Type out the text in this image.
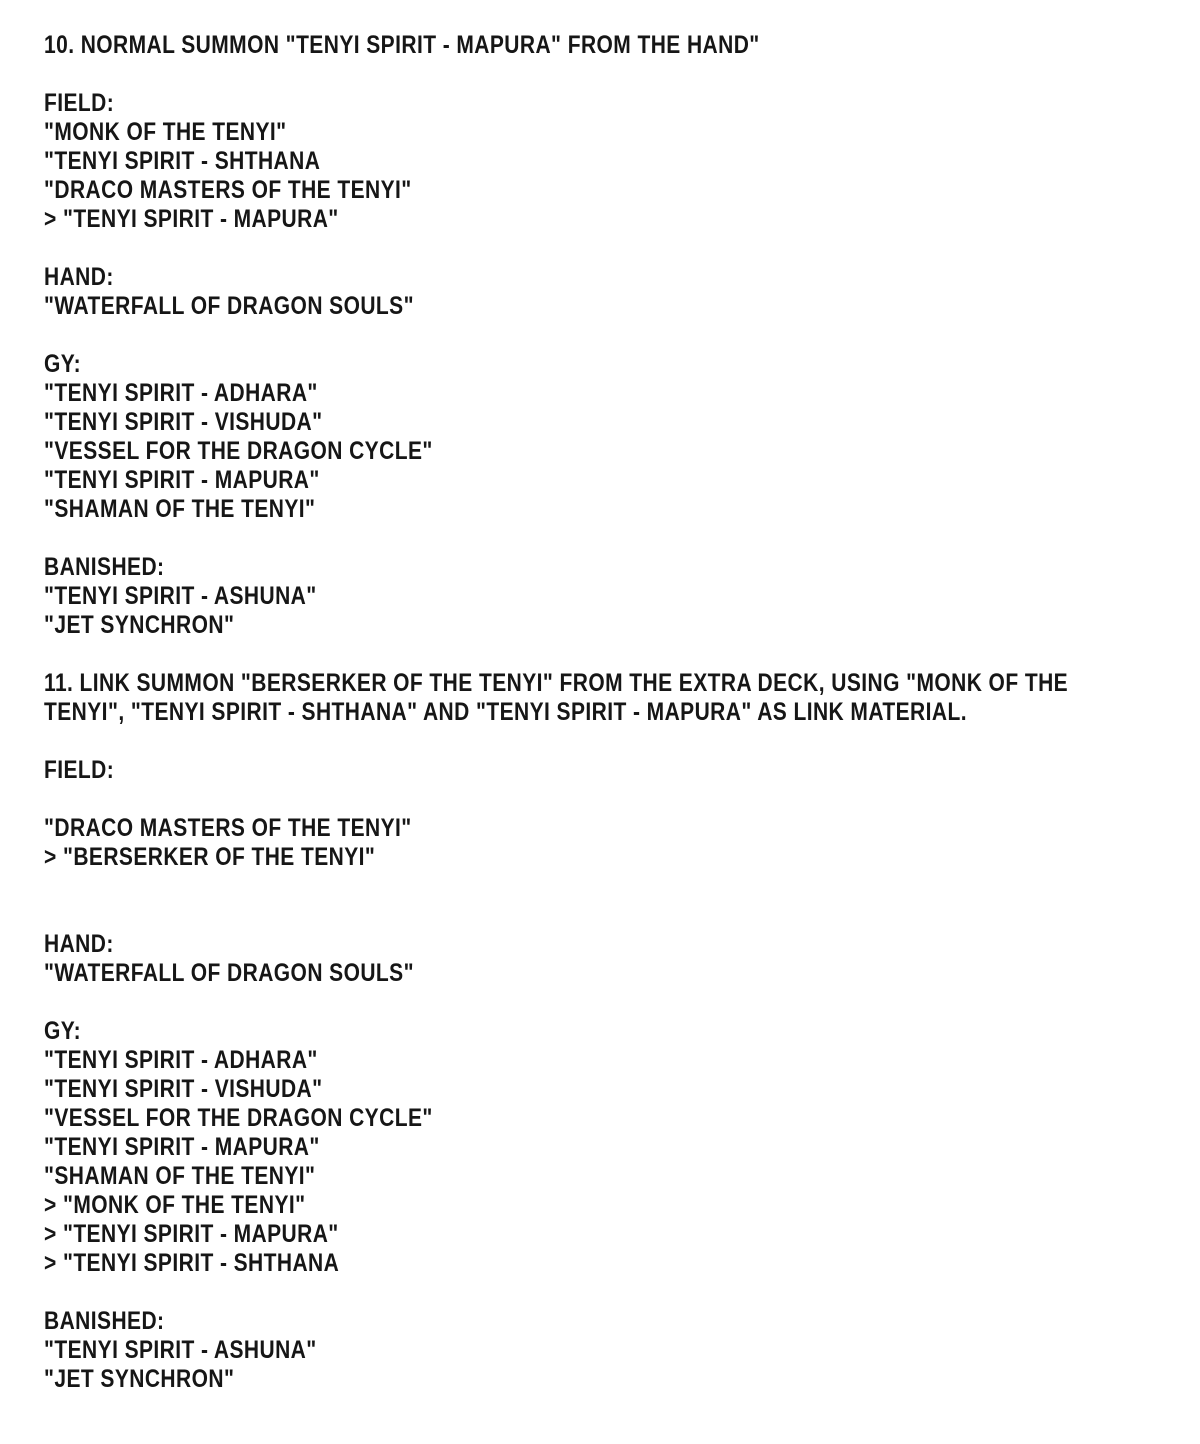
10. NORMAL SUMMON "TENYI SPIRIT - MAPURA" FROM THE HAND"
FIELD:
"MONK OF THE TENYI"
"TENYI SPIRIT - SHTHANA
"DRACO MASTERS OF THE TENYI"
> "TENYI SPIRIT - MAPURA"
HAND:
"WATERFALL OF DRAGON SOULS"
GY:
"TENYI SPIRIT - ADHARA"
"TENYI SPIRIT - VISHUDA"
"VESSEL FOR THE DRAGON CYCLE"
"TENYI SPIRIT - MAPURA"
"SHAMAN OF THE TENYI"
BANISHED:
"TENYI SPIRIT - ASHUNA"
"JET SYNCHRON"
11. LINK SUMMON "BERSERKER OF THE TENYI" FROM THE EXTRA DECK, USING "MONK OF THE
TENYI", "TENYI SPIRIT - SHTHANA" AND "TENYI SPIRIT - MAPURA" AS LINK MATERIAL.
FIELD:
"DRACO MASTERS OF THE TENYI"
> "BERSERKER OF THE TENYI"
HAND:
"WATERFALL OF DRAGON SOULS"
GY:
"TENYI SPIRIT - ADHARA"
"TENYI SPIRIT - VISHUDA"
"VESSEL FOR THE DRAGON CYCLE"
"TENYI SPIRIT - MAPURA"
"SHAMAN OF THE TENYI"
> "MONK OF THE TENYI"
> "TENYI SPIRIT - MAPURA"
> "TENYI SPIRIT - SHTHANA
BANISHED:
"TENYI SPIRIT - ASHUNA"
"JET SYNCHRON"
